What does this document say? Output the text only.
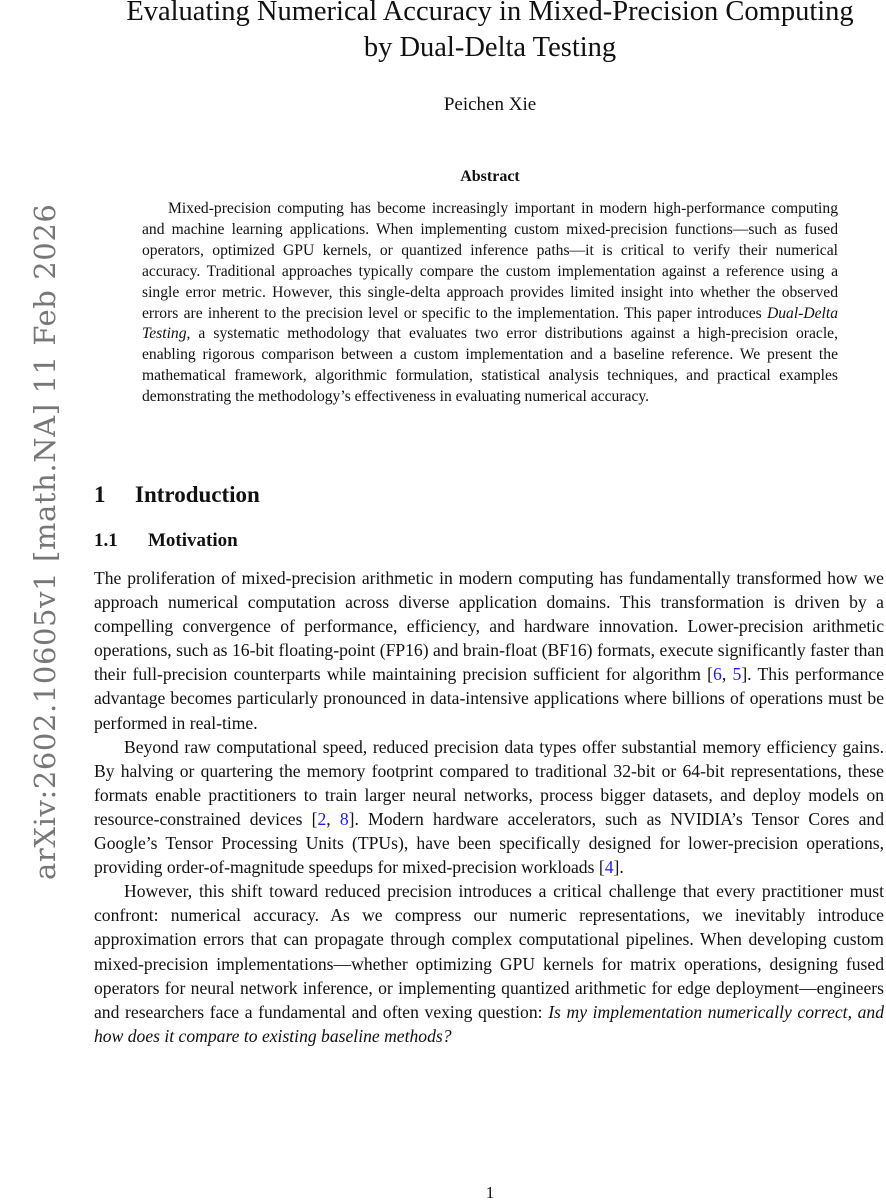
arXiv:2602.10605v1 [math.NA] 11 Feb 2026
Evaluating Numerical Accuracy in Mixed-Precision Computing
by Dual-Delta Testing
Peichen Xie
Abstract
Mixed-precision computing has become increasingly important in modern high-performance computing and machine learning applications. When implementing custom mixed-precision functions—such as fused operators, optimized GPU kernels, or quantized inference paths—it is critical to verify their numerical accuracy. Traditional approaches typically compare the custom implementation against a reference using a single error metric. However, this single-delta approach provides limited insight into whether the observed errors are inherent to the precision level or specific to the implementation. This paper introduces Dual-Delta Testing, a systematic methodology that evaluates two error distributions against a high-precision oracle, enabling rigorous comparison between a custom implementation and a baseline reference. We present the mathematical framework, algorithmic formulation, statistical analysis techniques, and practical examples demonstrating the methodology’s effectiveness in evaluating numerical accuracy.
1 Introduction
1.1 Motivation

The proliferation of mixed-precision arithmetic in modern computing has fundamentally transformed how we approach numerical computation across diverse application domains. This transformation is driven by a compelling convergence of performance, efficiency, and hardware innovation. Lower-precision arithmetic operations, such as 16-bit floating-point (FP16) and brain-float (BF16) formats, execute significantly faster than their full-precision counterparts while maintaining precision sufficient for algorithm [6, 5]. This performance advantage becomes particularly pronounced in data-intensive applications where billions of operations must be performed in real-time.

Beyond raw computational speed, reduced precision data types offer substantial memory efficiency gains. By halving or quartering the memory footprint compared to traditional 32-bit or 64-bit representations, these formats enable practitioners to train larger neural networks, process bigger datasets, and deploy models on resource-constrained devices [2, 8]. Modern hardware accelerators, such as NVIDIA’s Tensor Cores and Google’s Tensor Processing Units (TPUs), have been specifically designed for lower-precision operations, providing order-of-magnitude speedups for mixed-precision workloads [4].

However, this shift toward reduced precision introduces a critical challenge that every practitioner must confront: numerical accuracy. As we compress our numeric representations, we inevitably introduce approximation errors that can propagate through complex computational pipelines. When developing custom mixed-precision implementations—whether optimizing GPU kernels for matrix operations, designing fused operators for neural network inference, or implementing quantized arithmetic for edge deployment—engineers and researchers face a fundamental and often vexing question: Is my implementation numerically correct, and how does it compare to existing baseline methods?

1
